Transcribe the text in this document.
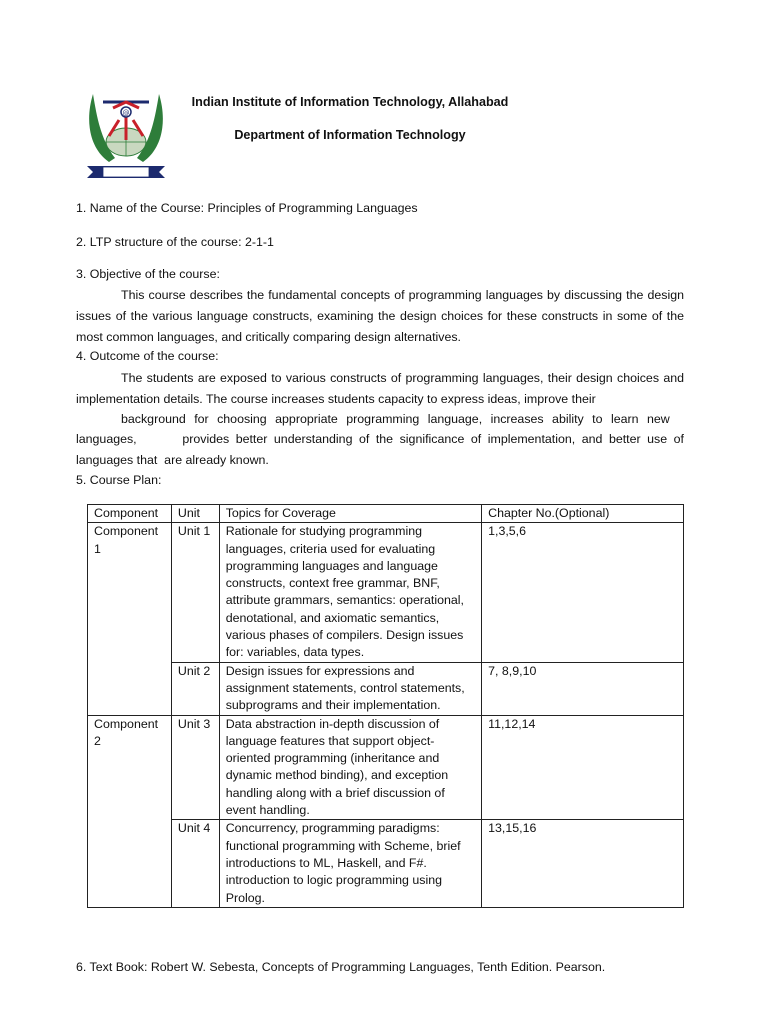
@
Indian Institute of Information Technology, Allahabad
Department of Information Technology
1. Name of the Course: Principles of Programming Languages
2. LTP structure of the course: 2-1-1
3. Objective of the course:
This course describes the fundamental concepts of programming languages by discussing the design issues of the various language constructs, examining the design choices for these constructs in some of the most common languages, and critically comparing design alternatives.
4. Outcome of the course:
The students are exposed to various constructs of programming languages, their design choices and implementation details. The course increases students capacity to express ideas, improve their
background for choosing appropriate programming language, increases ability to learn new
languages,       provides better understanding of the significance of implementation, and better use of languages that  are already known.
5. Course Plan:
Component	Unit	Topics for Coverage	Chapter No.(Optional)
Component 1	Unit 1	Rationale for studying programming languages, criteria used for evaluating programming languages and language constructs, context free grammar, BNF, attribute grammars, semantics: operational, denotational, and axiomatic semantics, various phases of compilers. Design issues for: variables, data types.	1,3,5,6
	Unit 2	Design issues for expressions and assignment statements, control statements, subprograms and their implementation.	7, 8,9,10
Component 2	Unit 3	Data abstraction in-depth discussion of language features that support object-oriented programming (inheritance and dynamic method binding), and exception handling along with a brief discussion of event handling.	11,12,14
	Unit 4	Concurrency, programming paradigms: functional programming with Scheme, brief introductions to ML, Haskell, and F#. introduction to logic programming using Prolog.	13,15,16
6. Text Book: Robert W. Sebesta, Concepts of Programming Languages, Tenth Edition. Pearson.
